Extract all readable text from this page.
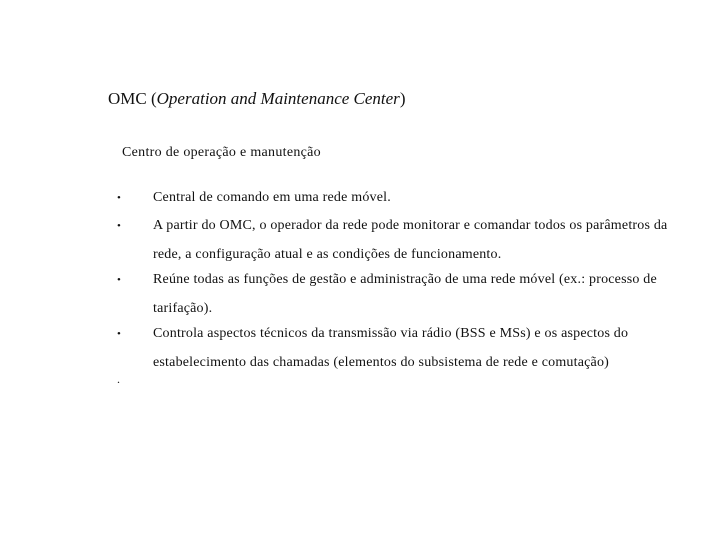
OMC (Operation and Maintenance Center)
Centro de operação e manutenção
• Central de comando em uma rede móvel.
• A partir do OMC, o operador da rede pode monitorar e comandar todos os parâmetros da rede, a configuração atual e as condições de funcionamento.
• Reúne todas as funções de gestão e administração de uma rede móvel (ex.: processo de tarifação).
• Controla aspectos técnicos da transmissão via rádio (BSS e MSs) e os aspectos do estabelecimento das chamadas (elementos do subsistema de rede e comutação)
.
